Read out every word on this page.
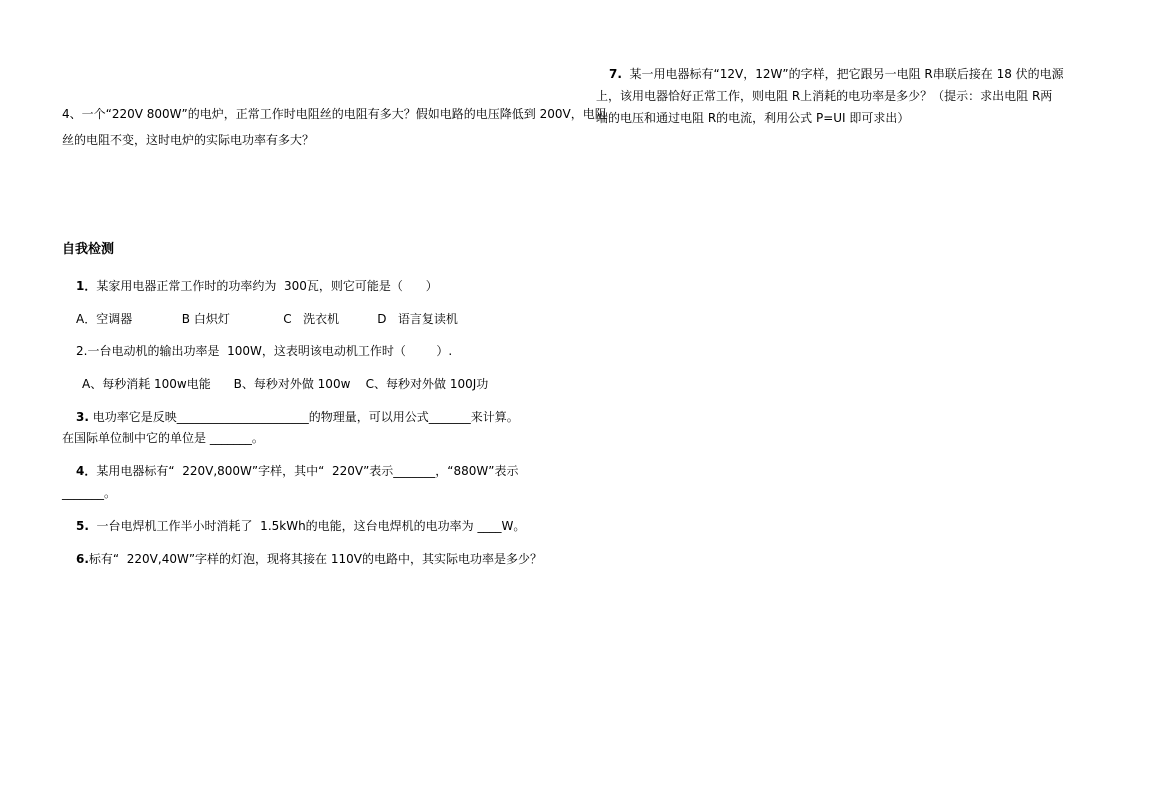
4、一个“220V 800W”的电炉，正常工作时电阻丝的电阻有多大？假如电路的电压降低到 200V，电阻
丝的电阻不变，这时电炉的实际电功率有多大？
自我检测
1．某家用电器正常工作时的功率约为  300瓦，则它可能是（      ）
A．空调器             B 白炽灯              C   洗衣机          D   语言复读机
2.一台电动机的输出功率是  100W，这表明该电动机工作时（        ）.
A、每秒消耗 100w电能      B、每秒对外做 100w    C、每秒对外做 100J功
3. 电功率它是反映______________________的物理量，可以用公式_______来计算。
在国际单位制中它的单位是 _______。
4．某用电器标有“  220V,800W”字样，其中“  220V”表示_______，“880W”表示
_______。
5.  一台电焊机工作半小时消耗了  1.5kWh的电能，这台电焊机的电功率为 ____W。
6.标有“  220V,40W”字样的灯泡，现将其接在 110V的电路中，其实际电功率是多少？
7.  某一用电器标有“12V，12W”的字样，把它跟另一电阻 R串联后接在 18 伏的电源
上，该用电器恰好正常工作，则电阻 R上消耗的电功率是多少？（提示：求出电阻 R两
端的电压和通过电阻 R的电流，利用公式 P=UI 即可求出）
